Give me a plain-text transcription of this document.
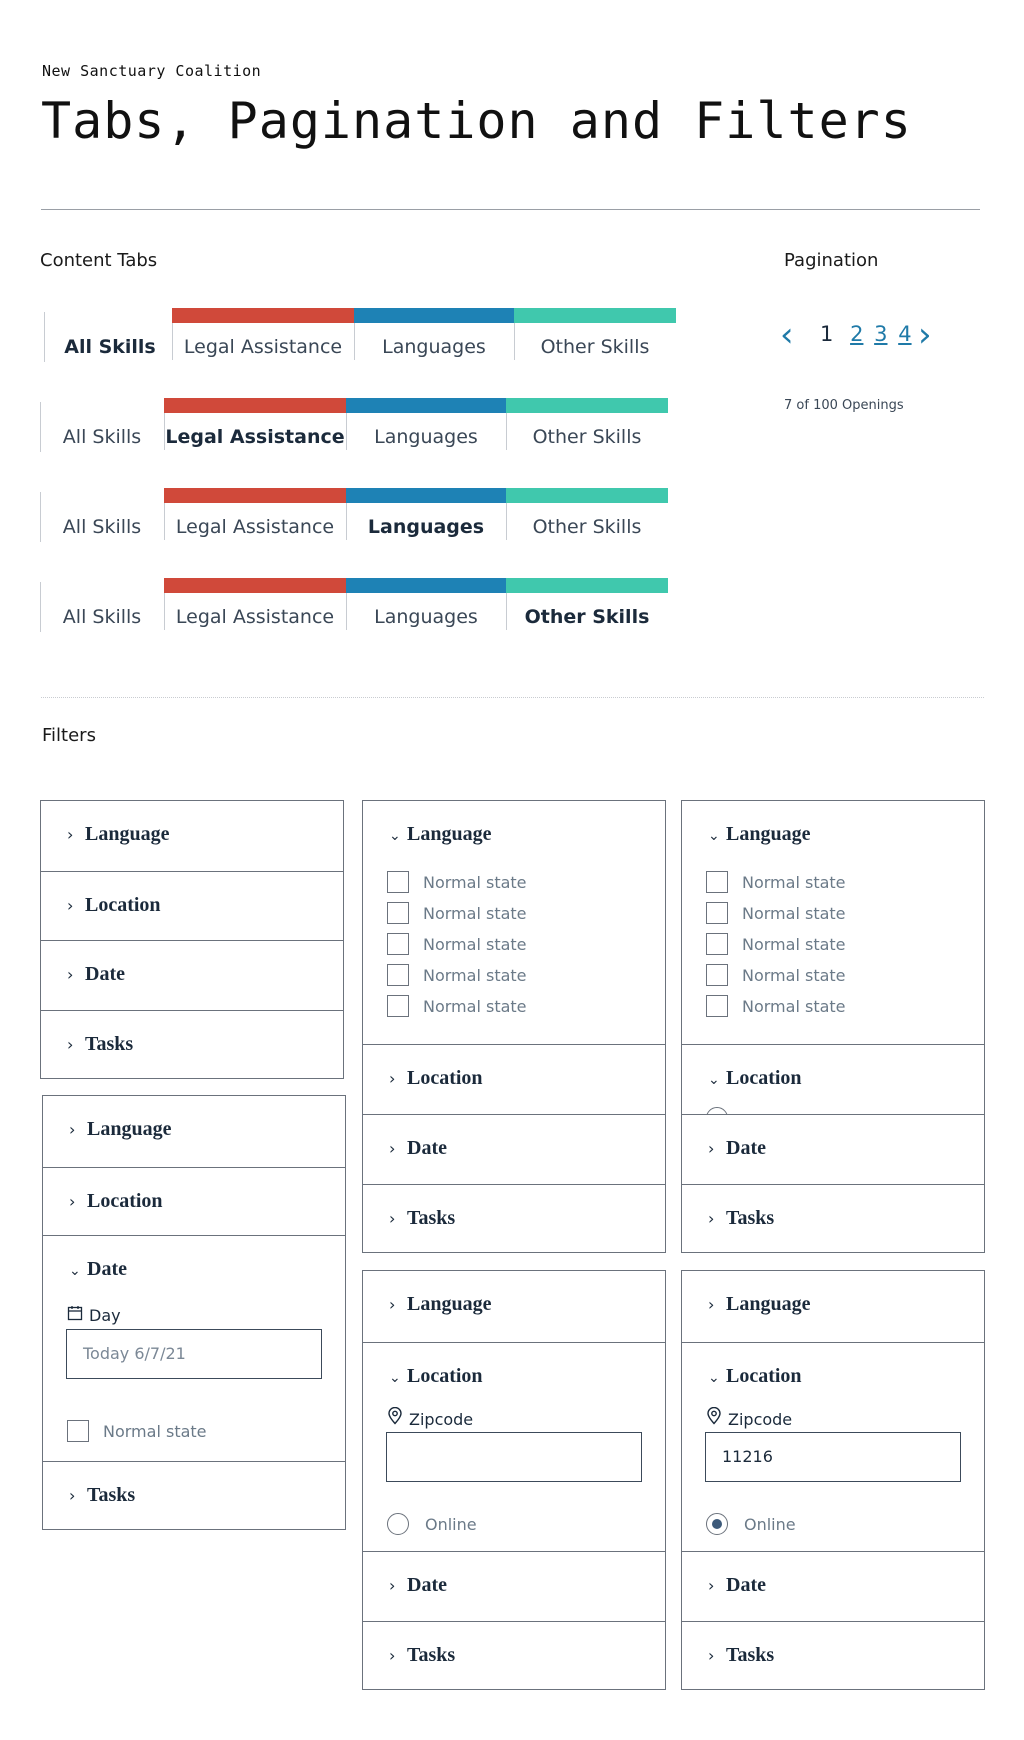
New Sanctuary Coalition
Tabs, Pagination and Filters
Content Tabs
All Skills	Legal Assistance	Languages	Other Skills
All Skills	Legal Assistance	Languages	Other Skills
All Skills	Legal Assistance	Languages	Other Skills
All Skills	Legal Assistance	Languages	Other Skills
Pagination
‹ 1 2 3 4 ›
7 of 100 Openings
Filters
› Language
› Location
› Date
› Tasks
› Language
› Location
⌄ Date
Day
Today 6/7/21
Normal state
› Tasks
⌄ Language
Normal state
Normal state
Normal state
Normal state
Normal state
› Location
› Date
› Tasks
⌄ Language
Normal state
Normal state
Normal state
Normal state
Normal state
⌄ Location
› Date
› Tasks
› Language
⌄ Location
Zipcode
Online
› Date
› Tasks
› Language
⌄ Location
Zipcode
11216
Online
› Date
› Tasks
